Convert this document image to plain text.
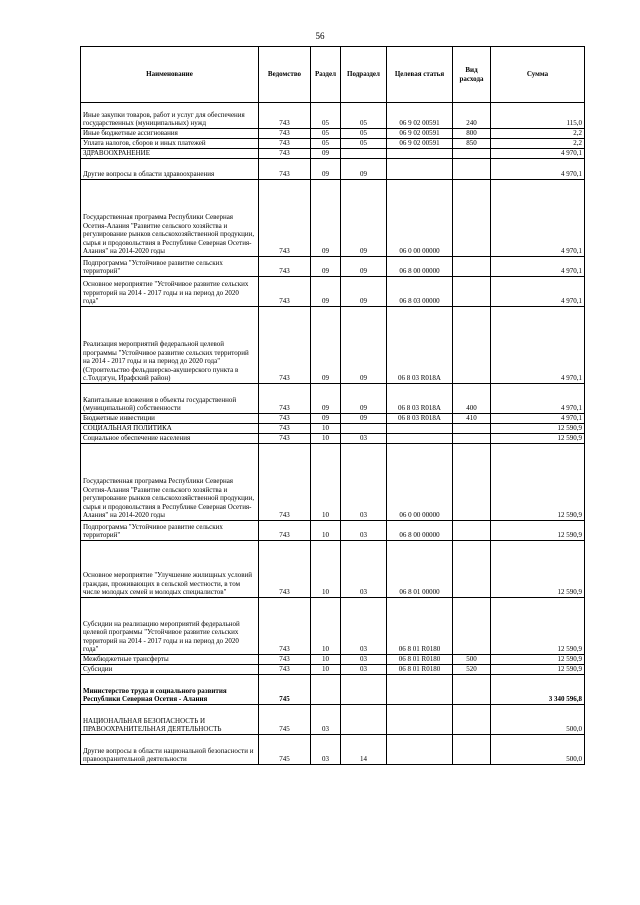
56
Наименование	Ведомство	Раздел	Подраздел	Целевая статья	Вид расхода	Сумма
Иные закупки товаров, работ и услуг для обеспечения государственных (муниципальных) нужд	743	05	05	06 9 02 00591	240	115,0
Иные бюджетные ассигнования	743	05	05	06 9 02 00591	800	2,2
Уплата налогов, сборов и иных платежей	743	05	05	06 9 02 00591	850	2,2
ЗДРАВООХРАНЕНИЕ	743	09				4 970,1
Другие вопросы в области здравоохранения	743	09	09			4 970,1
Государственная программа Республики Северная Осетия-Алания "Развитие сельского хозяйства и регулирование рынков сельскохозяйственной продукции, сырья и продовольствия в Республике Северная Осетия-Алания" на 2014-2020 годы	743	09	09	06 0 00 00000		4 970,1
Подпрограмма "Устойчивое развитие сельских территорий"	743	09	09	06 8 00 00000		4 970,1
Основное мероприятие "Устойчивое развитие сельских территорий на 2014 - 2017 годы и на период до 2020 года"	743	09	09	06 8 03 00000		4 970,1
Реализация мероприятий федеральной целевой программы "Устойчивое развитие сельских территорий на 2014 - 2017 годы и на период до 2020 года" (Строительство фельдшерско-акушерского пункта в с.Толдзгун, Ирафский район)	743	09	09	06 8 03 R018A		4 970,1
Капитальные вложения в объекты государственной (муниципальной) собственности	743	09	09	06 8 03 R018A	400	4 970,1
Бюджетные инвестиции	743	09	09	06 8 03 R018A	410	4 970,1
СОЦИАЛЬНАЯ ПОЛИТИКА	743	10				12 590,9
Социальное обеспечение населения	743	10	03			12 590,9
Государственная программа Республики Северная Осетия-Алания "Развитие сельского хозяйства и регулирование рынков сельскохозяйственной продукции, сырья и продовольствия в Республике Северная Осетия-Алания" на 2014-2020 годы	743	10	03	06 0 00 00000		12 590,9
Подпрограмма "Устойчивое развитие сельских территорий"	743	10	03	06 8 00 00000		12 590,9
Основное мероприятие "Улучшение жилищных условий граждан, проживающих в сельской местности, в том числе молодых семей и молодых специалистов"	743	10	03	06 8 01 00000		12 590,9
Субсидии на реализацию мероприятий федеральной целевой программы "Устойчивое развитие сельских территорий на 2014 - 2017 годы и на период до 2020 года"	743	10	03	06 8 01 R0180		12 590,9
Межбюджетные трансферты	743	10	03	06 8 01 R0180	500	12 590,9
Субсидии	743	10	03	06 8 01 R0180	520	12 590,9
Министерство труда и социального развития Республики Северная Осетия - Алания	745					3 340 596,8
НАЦИОНАЛЬНАЯ БЕЗОПАСНОСТЬ И ПРАВООХРАНИТЕЛЬНАЯ ДЕЯТЕЛЬНОСТЬ	745	03				500,0
Другие вопросы в области национальной безопасности и правоохранительной деятельности	745	03	14			500,0
